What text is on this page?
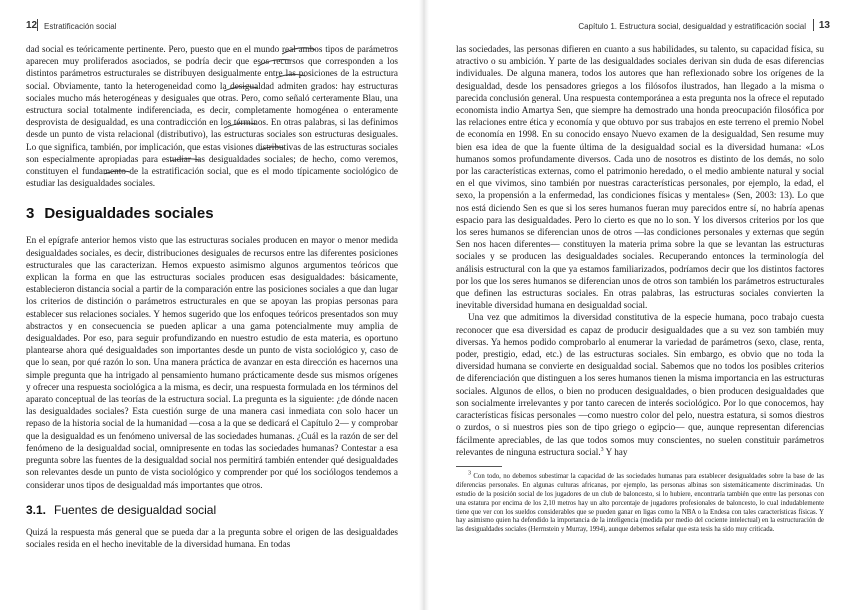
12 Estratificación social

dad social es teóricamente pertinente. Pero, puesto que en el mundo real ambos tipos de parámetros aparecen muy proliferados asociados, se podría decir que esos recursos que corresponden a los distintos parámetros estructurales se distribuyen desigualmente entre las posiciones de la estructura social. Obviamente, tanto la heterogeneidad como la desigualdad admiten grados: hay estructuras sociales mucho más heterogéneas y desiguales que otras. Pero, como señaló certeramente Blau, una estructura social totalmente indiferenciada, es decir, completamente homogénea o enteramente desprovista de desigualdad, es una contradicción en los términos. En otras palabras, si las definimos desde un punto de vista relacional (distributivo), las estructuras sociales son estructuras desiguales. Lo que significa, también, por implicación, que estas visiones distributivas de las estructuras sociales son especialmente apropiadas para estudiar las desigualdades sociales; de hecho, como veremos, constituyen el fundamento de la estratificación social, que es el modo típicamente sociológico de estudiar las desigualdades sociales.

3 Desigualdades sociales

En el epígrafe anterior hemos visto que las estructuras sociales producen en mayor o menor medida desigualdades sociales, es decir, distribuciones desiguales de recursos entre las diferentes posiciones estructurales que las caracterizan. Hemos expuesto asimismo algunos argumentos teóricos que explican la forma en que las estructuras sociales producen esas desigualdades: básicamente, establecieron distancia social a partir de la comparación entre las posiciones sociales a que dan lugar los criterios de distinción o parámetros estructurales en que se apoyan las propias personas para establecer sus relaciones sociales. Y hemos sugerido que los enfoques teóricos presentados son muy abstractos y en consecuencia se pueden aplicar a una gama potencialmente muy amplia de desigualdades. Por eso, para seguir profundizando en nuestro estudio de esta materia, es oportuno plantearse ahora qué desigualdades son importantes desde un punto de vista sociológico y, caso de que lo sean, por qué razón lo son. Una manera práctica de avanzar en esta dirección es hacernos una simple pregunta que ha intrigado al pensamiento humano prácticamente desde sus mismos orígenes y ofrecer una respuesta sociológica a la misma, es decir, una respuesta formulada en los términos del aparato conceptual de las teorías de la estructura social. La pregunta es la siguiente: ¿de dónde nacen las desigualdades sociales? Esta cuestión surge de una manera casi inmediata con solo hacer un repaso de la historia social de la humanidad —cosa a la que se dedicará el Capítulo 2— y comprobar que la desigualdad es un fenómeno universal de las sociedades humanas. ¿Cuál es la razón de ser del fenómeno de la desigualdad social, omnipresente en todas las sociedades humanas? Contestar a esa pregunta sobre las fuentes de la desigualdad social nos permitirá también entender qué desigualdades son relevantes desde un punto de vista sociológico y comprender por qué los sociólogos tendemos a considerar unos tipos de desigualdad más importantes que otros.

3.1. Fuentes de desigualdad social

Quizá la respuesta más general que se pueda dar a la pregunta sobre el origen de las desigualdades sociales resida en el hecho inevitable de la diversidad humana. En todas

Capítulo 1. Estructura social, desigualdad y estratificación social 13

las sociedades, las personas difieren en cuanto a sus habilidades, su talento, su capacidad física, su atractivo o su ambición. Y parte de las desigualdades sociales derivan sin duda de esas diferencias individuales. De alguna manera, todos los autores que han reflexionado sobre los orígenes de la desigualdad, desde los pensadores griegos a los filósofos ilustrados, han llegado a la misma o parecida conclusión general. Una respuesta contemporánea a esta pregunta nos la ofrece el reputado economista indio Amartya Sen, que siempre ha demostrado una honda preocupación filosófica por las relaciones entre ética y economía y que obtuvo por sus trabajos en este terreno el premio Nobel de economía en 1998. En su conocido ensayo Nuevo examen de la desigualdad, Sen resume muy bien esa idea de que la fuente última de la desigualdad social es la diversidad humana: «Los humanos somos profundamente diversos. Cada uno de nosotros es distinto de los demás, no solo por las características externas, como el patrimonio heredado, o el medio ambiente natural y social en el que vivimos, sino también por nuestras características personales, por ejemplo, la edad, el sexo, la propensión a la enfermedad, las condiciones físicas y mentales» (Sen, 2003: 13). Lo que nos está diciendo Sen es que si los seres humanos fueran muy parecidos entre sí, no habría apenas espacio para las desigualdades. Pero lo cierto es que no lo son. Y los diversos criterios por los que los seres humanos se diferencian unos de otros —las condiciones personales y externas que según Sen nos hacen diferentes— constituyen la materia prima sobre la que se levantan las estructuras sociales y se producen las desigualdades sociales. Recuperando entonces la terminología del análisis estructural con la que ya estamos familiarizados, podríamos decir que los distintos factores por los que los seres humanos se diferencian unos de otros son también los parámetros estructurales que definen las estructuras sociales. En otras palabras, las estructuras sociales convierten la inevitable diversidad humana en desigualdad social.

Una vez que admitimos la diversidad constitutiva de la especie humana, poco trabajo cuesta reconocer que esa diversidad es capaz de producir desigualdades que a su vez son también muy diversas. Ya hemos podido comprobarlo al enumerar la variedad de parámetros (sexo, clase, renta, poder, prestigio, edad, etc.) de las estructuras sociales. Sin embargo, es obvio que no toda la diversidad humana se convierte en desigualdad social. Sabemos que no todos los posibles criterios de diferenciación que distinguen a los seres humanos tienen la misma importancia en las estructuras sociales. Algunos de ellos, o bien no producen desigualdades, o bien producen desigualdades que son socialmente irrelevantes y por tanto carecen de interés sociológico. Por lo que conocemos, hay características físicas personales —como nuestro color del pelo, nuestra estatura, si somos diestros o zurdos, o si nuestros pies son de tipo griego o egipcio— que, aunque representan diferencias fácilmente apreciables, de las que todos somos muy conscientes, no suelen constituir parámetros relevantes de ninguna estructura social.$^3$ Y hay

$^3$ Con todo, no debemos subestimar la capacidad de las sociedades humanas para establecer desigualdades sobre la base de las diferencias personales. En algunas culturas africanas, por ejemplo, las personas albinas son sistemáticamente discriminadas. Un estudio de la posición social de los jugadores de un club de baloncesto, si lo hubiere, encontraría también que entre las personas con una estatura por encima de los 2,10 metros hay un alto porcentaje de jugadores profesionales de baloncesto, lo cual indudablemente tiene que ver con los sueldos considerables que se pueden ganar en ligas como la NBA o la Endesa con tales características físicas. Y hay asimismo quien ha defendido la importancia de la inteligencia (medida por medio del cociente intelectual) en la estructuración de las desigualdades sociales (Herrnstein y Murray, 1994), aunque debemos señalar que esta tesis ha sido muy criticada.
